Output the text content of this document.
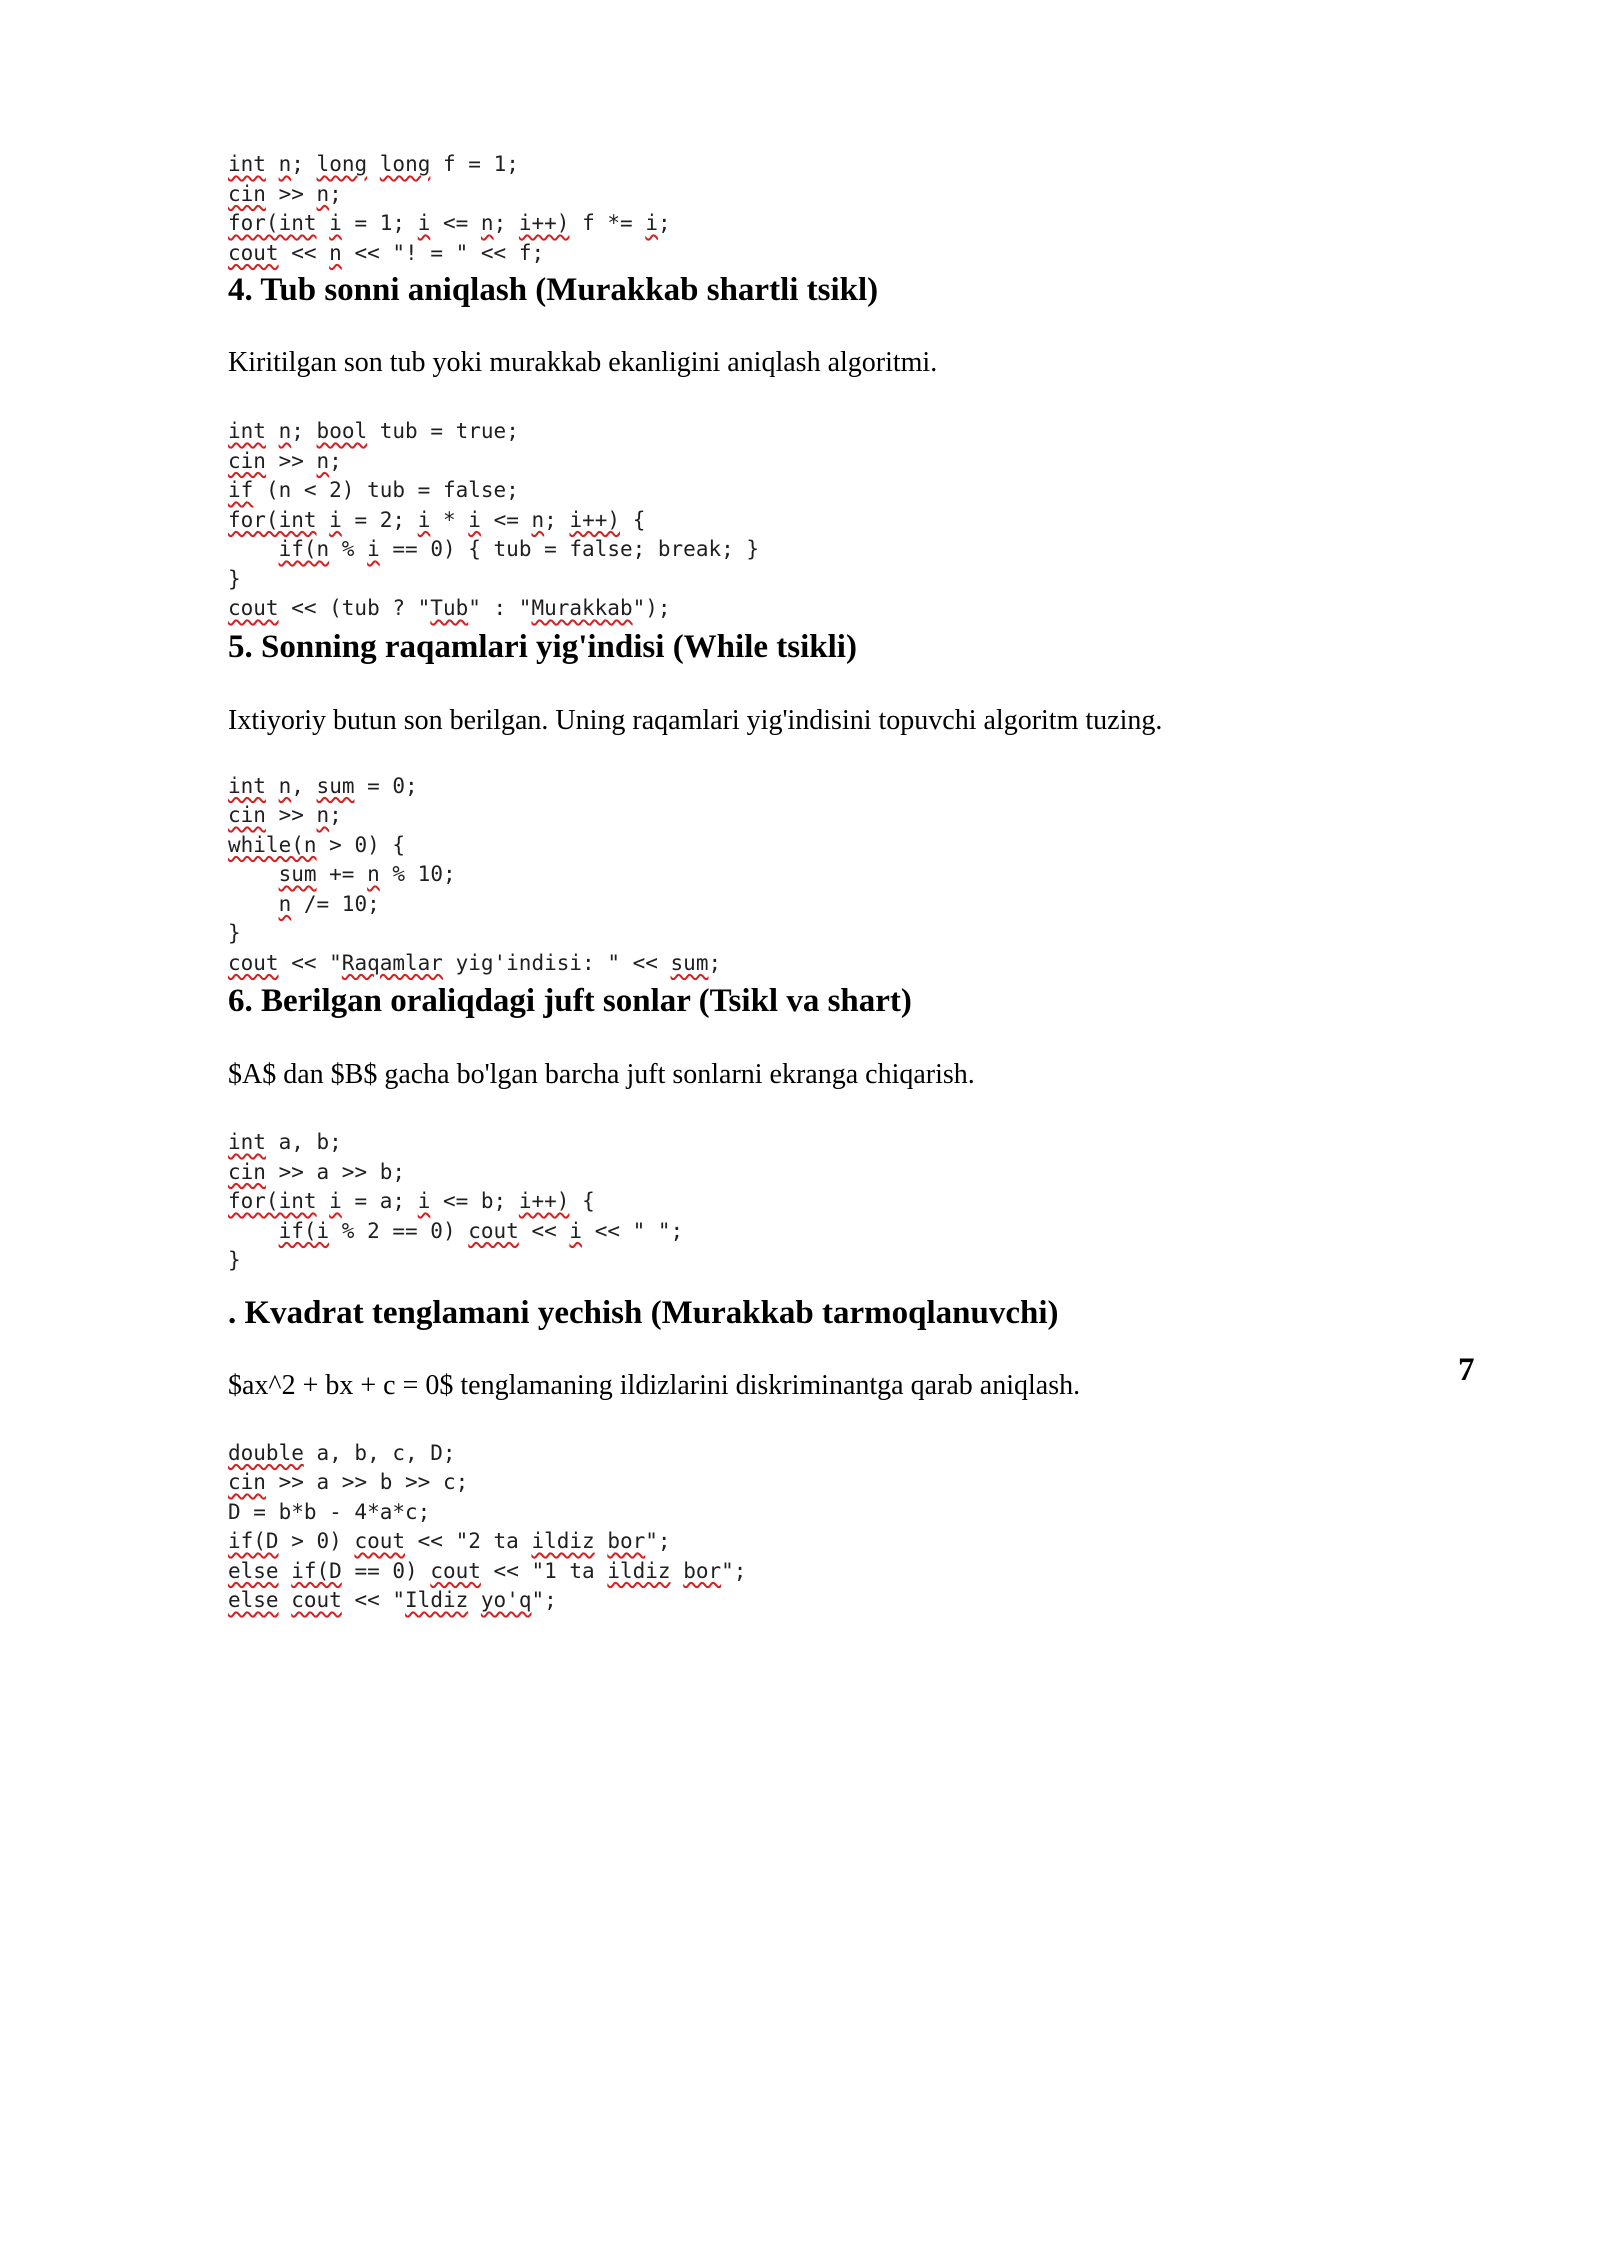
int n; long long f = 1;
cin >> n;
for(int i = 1; i <= n; i++) f *= i;
cout << n << "! = " << f;
4. Tub sonni aniqlash (Murakkab shartli tsikl)

Kiritilgan son tub yoki murakkab ekanligini aniqlash algoritmi.

int n; bool tub = true;
cin >> n;
if (n < 2) tub = false;
for(int i = 2; i * i <= n; i++) {
if(n % i == 0) { tub = false; break; }
}
cout << (tub ? "Tub" : "Murakkab");
5. Sonning raqamlari yig'indisi (While tsikli)

Ixtiyoriy butun son berilgan. Uning raqamlari yig'indisini topuvchi algoritm tuzing.

int n, sum = 0;
cin >> n;
while(n > 0) {
sum += n % 10;
n /= 10;
}
cout << "Raqamlar yig'indisi: " << sum;
6. Berilgan oraliqdagi juft sonlar (Tsikl va shart)

$A$ dan $B$ gacha bo'lgan barcha juft sonlarni ekranga chiqarish.

int a, b;
cin >> a >> b;
for(int i = a; i <= b; i++) {
if(i % 2 == 0) cout << i << " ";
}
. Kvadrat tenglamani yechish (Murakkab tarmoqlanuvchi)

$ax^2 + bx + c = 0$ tenglamaning ildizlarini diskriminantga qarab aniqlash.

double a, b, c, D;
cin >> a >> b >> c;
D = b*b - 4*a*c;
if(D > 0) cout << "2 ta ildiz bor";
else if(D == 0) cout << "1 ta ildiz bor";
else cout << "Ildiz yo'q";
7
